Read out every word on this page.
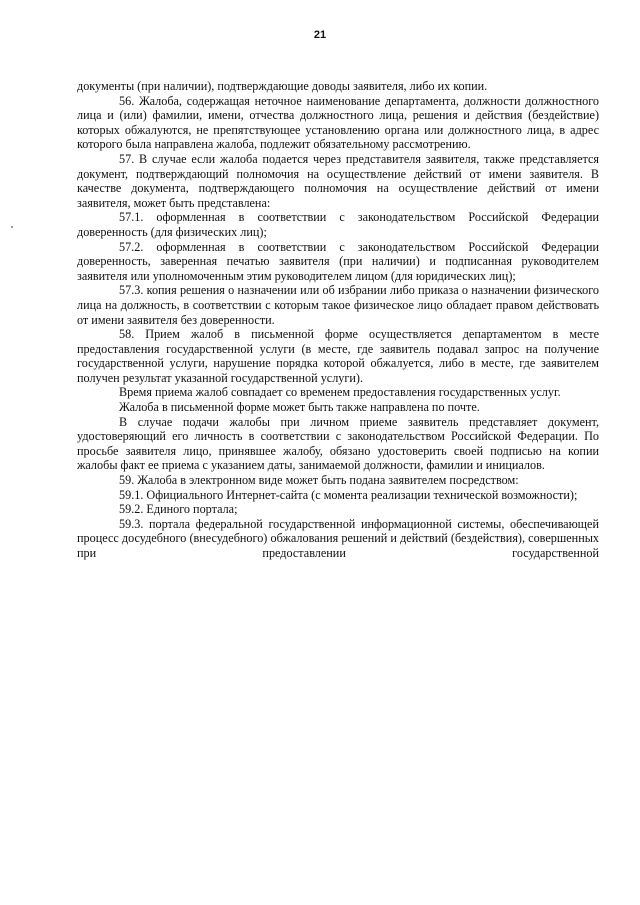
21

документы (при наличии), подтверждающие доводы заявителя, либо их копии.

56. Жалоба, содержащая неточное наименование департамента, должности должностного лица и (или) фамилии, имени, отчества должностного лица, решения и действия (бездействие) которых обжалуются, не препятствующее установлению органа или должностного лица, в адрес которого была направлена жалоба, подлежит обязательному рассмотрению.

57. В случае если жалоба подается через представителя заявителя, также представляется документ, подтверждающий полномочия на осуществление действий от имени заявителя. В качестве документа, подтверждающего полномочия на осуществление действий от имени заявителя, может быть представлена:

57.1. оформленная в соответствии с законодательством Российской Федерации доверенность (для физических лиц);

57.2. оформленная в соответствии с законодательством Российской Федерации доверенность, заверенная печатью заявителя (при наличии) и подписанная руководителем заявителя или уполномоченным этим руководителем лицом (для юридических лиц);

57.3. копия решения о назначении или об избрании либо приказа о назначении физического лица на должность, в соответствии с которым такое физическое лицо обладает правом действовать от имени заявителя без доверенности.

58. Прием жалоб в письменной форме осуществляется департаментом в месте предоставления государственной услуги (в месте, где заявитель подавал запрос на получение государственной услуги, нарушение порядка которой обжалуется, либо в месте, где заявителем получен результат указанной государственной услуги).

Время приема жалоб совпадает со временем предоставления государственных услуг.

Жалоба в письменной форме может быть также направлена по почте.

В случае подачи жалобы при личном приеме заявитель представляет документ, удостоверяющий его личность в соответствии с законодательством Российской Федерации. По просьбе заявителя лицо, принявшее жалобу, обязано удостоверить своей подписью на копии жалобы факт ее приема с указанием даты, занимаемой должности, фамилии и инициалов.

59. Жалоба в электронном виде может быть подана заявителем посредством:

59.1. Официального Интернет-сайта (с момента реализации технической возможности);

59.2. Единого портала;

59.3. портала федеральной государственной информационной системы, обеспечивающей процесс досудебного (внесудебного) обжалования решений и действий (бездействия), совершенных при предоставлении государственной
